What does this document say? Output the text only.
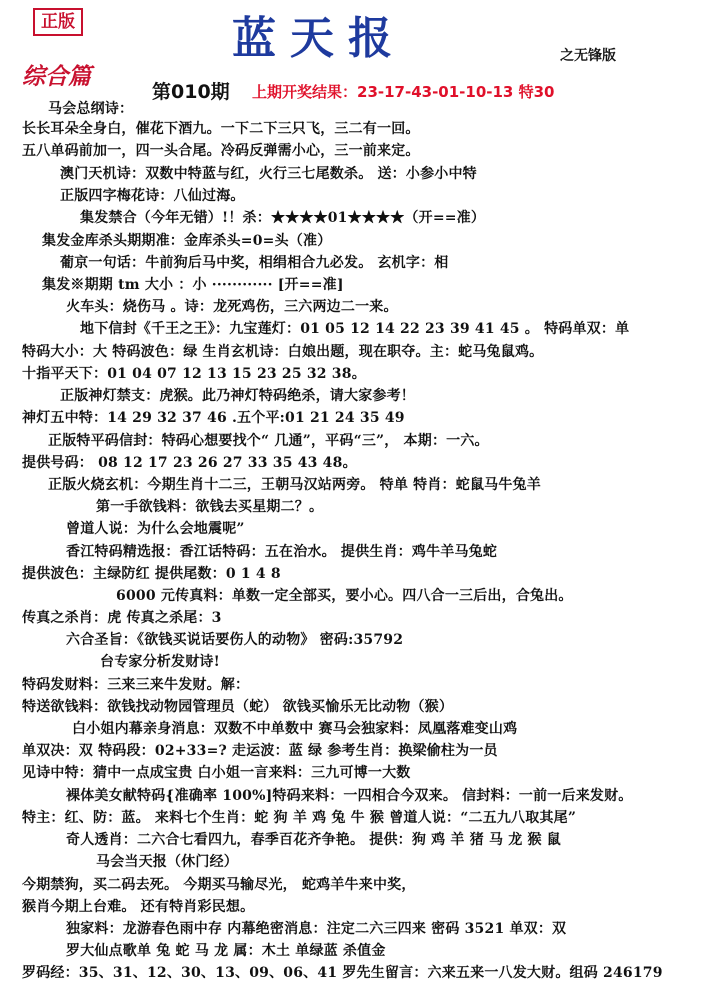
正版	蓝天报	之无锋版
综合篇
第010期 上期开奖结果：23-17-43-01-10-13 特30
马会总纲诗：
长长耳朵全身白，催花下酒九。一下二下三只飞，三二有一回。
五八单码前加一，四一头合尾。冷码反弹需小心，三一前来定。
澳门天机诗：双数中特蓝与红，火行三七尾数杀。 送：小参小中特
正版四字梅花诗：八仙过海。
集发禁合（今年无错）!！杀：★★★★01★★★★（开==准）
集发金库杀头期期准：金库杀头=0=头（准）
葡京一句话：牛前狗后马中奖，相绢相合九必发。 玄机字：相
集发※期期 tm 大小 ：小 ············ [开==准]
火车头：烧伤马 。诗：龙死鸡伤，三六两边二一来。
地下信封《千王之王》：九宝莲灯：01 05 12 14 22 23 39 41 45 。 特码单双：单
特码大小：大 特码波色：绿 生肖玄机诗：白娘出题，现在职夺。主：蛇马兔鼠鸡。
十指平天下：01 04 07 12 13 15 23 25 32 38。
正版神灯禁支：虎猴。此乃神灯特码绝杀，请大家参考！
神灯五中特：14 29 32 37 46 .五个平:01 21 24 35 49
正版特平码信封：特码心想要找个“ 几通”，平码“三”， 本期：一六。
提供号码： 08 12 17 23 26 27 33 35 43 48。
正版火烧玄机：今期生肖十二三，王朝马汉站两旁。 特单 特肖：蛇鼠马牛兔羊
第一手欲钱料：欲钱去买星期二？。
曾道人说：为什么会地震呢”
香江特码精选报：香江话特码：五在治水。 提供生肖：鸡牛羊马兔蛇
提供波色：主绿防红 提供尾数：0 1 4 8
6000 元传真料：单数一定全部买，要小心。四八合一三后出，合兔出。
传真之杀肖：虎 传真之杀尾：3
六合圣旨：《欲钱买说话要伤人的动物》 密码:35792
台专家分析发财诗!
特码发财料：三来三来牛发财。解：
特送欲钱料：欲钱找动物园管理员（蛇） 欲钱买愉乐无比动物（猴）
白小姐内幕亲身消息：双数不中单数中 赛马会独家料：凤凰落难变山鸡
单双决：双 特码段：02+33=? 走运波：蓝 绿 参考生肖：换梁偷柱为一员
见诗中特：猜中一点成宝贵 白小姐一言来料：三九可博一大数
裸体美女献特码{准确率 100%]特码来料：一四相合今双来。 信封料：一前一后来发财。
特主：红、防：蓝。 来料七个生肖：蛇 狗 羊 鸡 兔 牛 猴 曾道人说：“二五九八取其尾”
奇人透肖：二六合七看四九，春季百花齐争艳。 提供：狗 鸡 羊 猪 马 龙 猴 鼠
马会当天报（休门经）
今期禁狗，买二码去死。 今期买马输尽光， 蛇鸡羊牛来中奖，
猴肖今期上台难。 还有特肖彩民想。
独家料：龙游春色雨中存 内幕绝密消息：注定二六三四来 密码 3521 单双：双
罗大仙点歌单 兔 蛇 马 龙 属：木土 单绿蓝 杀值金
罗码经：35、31、12、30、13、09、06、41 罗先生留言：六来五来一八发大财。组码 246179
